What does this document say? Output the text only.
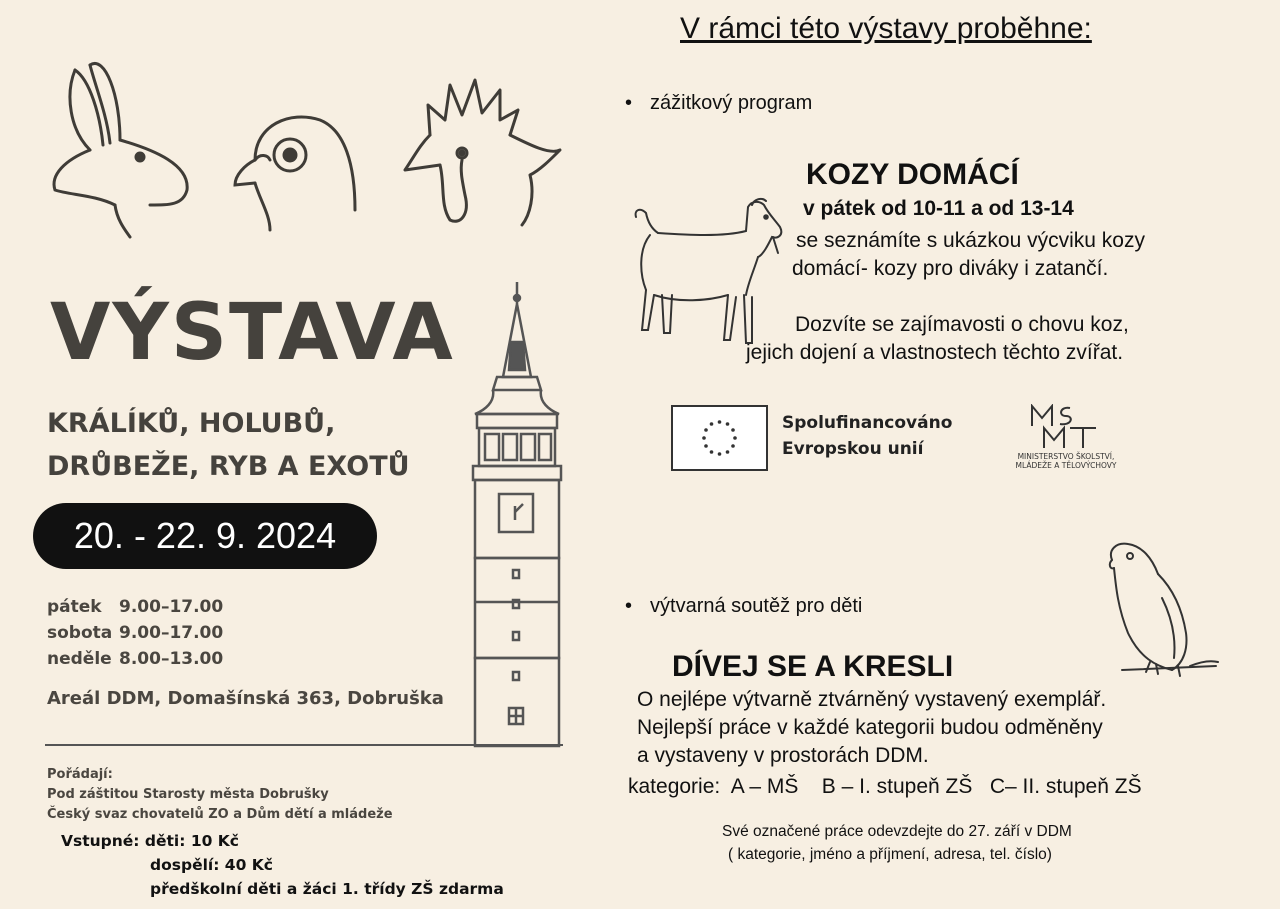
VÝSTAVA
KRÁLÍKŮ, HOLUBŮ,
DRŮBEŽE, RYB A EXOTŮ
20. - 22. 9. 2024
pátek 9.00–17.00
sobota 9.00–17.00
neděle 8.00–13.00
Areál DDM, Domašínská 363, Dobruška
Pořádají:
Pod záštitou Starosty města Dobrušky
Český svaz chovatelů ZO a Dům dětí a mládeže
Vstupné: děti: 10 Kč
dospělí: 40 Kč
předškolní děti a žáci 1. třídy ZŠ zdarma
V rámci této výstavy proběhne:
• zážitkový program
KOZY DOMÁCÍ
v pátek od 10-11 a od 13-14
se seznámíte s ukázkou výcviku kozy
domácí- kozy pro diváky i zatančí.
Dozvíte se zajímavosti o chovu koz,
jejich dojení a vlastnostech těchto zvířat.
Spolufinancováno
Evropskou unií	MINISTERSTVO ŠKOLSTVÍ,
MLÁDEŽE A TĚLOVÝCHOVY
• výtvarná soutěž pro děti
DÍVEJ SE A KRESLI
O nejlépe výtvarně ztvárněný vystavený exemplář.
Nejlepší práce v každé kategorii budou odměněny
a vystaveny v prostorách DDM.
kategorie:  A – MŠ    B – I. stupeň ZŠ   C– II. stupeň ZŠ
Své označené práce odevzdejte do 27. září v DDM
( kategorie, jméno a příjmení, adresa, tel. číslo)
